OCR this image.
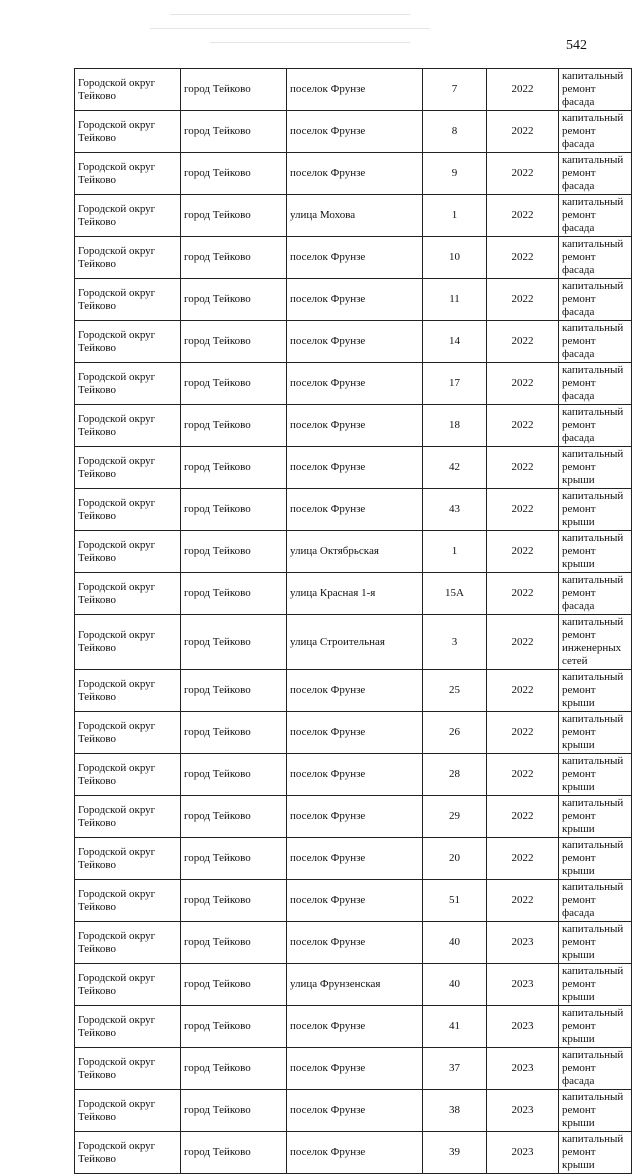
542
Городской округ Тейково	город Тейково	поселок Фрунзе	7	2022	капитальный ремонт фасада
Городской округ Тейково	город Тейково	поселок Фрунзе	8	2022	капитальный ремонт фасада
Городской округ Тейково	город Тейково	поселок Фрунзе	9	2022	капитальный ремонт фасада
Городской округ Тейково	город Тейково	улица Мохова	1	2022	капитальный ремонт фасада
Городской округ Тейково	город Тейково	поселок Фрунзе	10	2022	капитальный ремонт фасада
Городской округ Тейково	город Тейково	поселок Фрунзе	11	2022	капитальный ремонт фасада
Городской округ Тейково	город Тейково	поселок Фрунзе	14	2022	капитальный ремонт фасада
Городской округ Тейково	город Тейково	поселок Фрунзе	17	2022	капитальный ремонт фасада
Городской округ Тейково	город Тейково	поселок Фрунзе	18	2022	капитальный ремонт фасада
Городской округ Тейково	город Тейково	поселок Фрунзе	42	2022	капитальный ремонт крыши
Городской округ Тейково	город Тейково	поселок Фрунзе	43	2022	капитальный ремонт крыши
Городской округ Тейково	город Тейково	улица Октябрьская	1	2022	капитальный ремонт крыши
Городской округ Тейково	город Тейково	улица Красная 1-я	15А	2022	капитальный ремонт фасада
Городской округ Тейково	город Тейково	улица Строительная	3	2022	капитальный ремонт инженерных сетей
Городской округ Тейково	город Тейково	поселок Фрунзе	25	2022	капитальный ремонт крыши
Городской округ Тейково	город Тейково	поселок Фрунзе	26	2022	капитальный ремонт крыши
Городской округ Тейково	город Тейково	поселок Фрунзе	28	2022	капитальный ремонт крыши
Городской округ Тейково	город Тейково	поселок Фрунзе	29	2022	капитальный ремонт крыши
Городской округ Тейково	город Тейково	поселок Фрунзе	20	2022	капитальный ремонт крыши
Городской округ Тейково	город Тейково	поселок Фрунзе	51	2022	капитальный ремонт фасада
Городской округ Тейково	город Тейково	поселок Фрунзе	40	2023	капитальный ремонт крыши
Городской округ Тейково	город Тейково	улица Фрунзенская	40	2023	капитальный ремонт крыши
Городской округ Тейково	город Тейково	поселок Фрунзе	41	2023	капитальный ремонт крыши
Городской округ Тейково	город Тейково	поселок Фрунзе	37	2023	капитальный ремонт фасада
Городской округ Тейково	город Тейково	поселок Фрунзе	38	2023	капитальный ремонт крыши
Городской округ Тейково	город Тейково	поселок Фрунзе	39	2023	капитальный ремонт крыши
